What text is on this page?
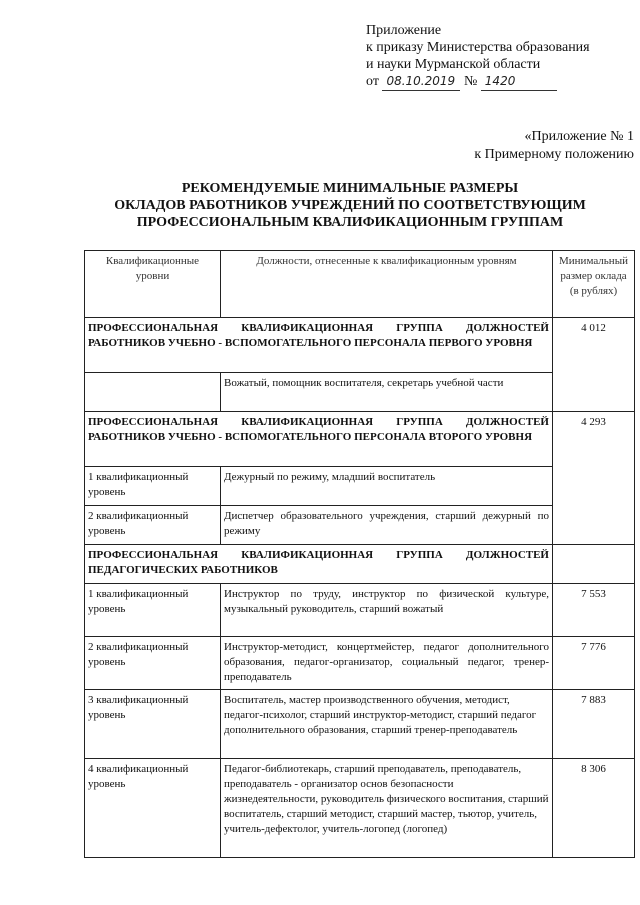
Приложение
к приказу Министерства образования
и науки Мурманской области
от 08.10.2019 № 1420
«Приложение № 1
к Примерному положению
РЕКОМЕНДУЕМЫЕ МИНИМАЛЬНЫЕ РАЗМЕРЫ
ОКЛАДОВ РАБОТНИКОВ УЧРЕЖДЕНИЙ ПО СООТВЕТСТВУЮЩИМ
ПРОФЕССИОНАЛЬНЫМ КВАЛИФИКАЦИОННЫМ ГРУППАМ
Квалификационные уровни	Должности, отнесенные к квалификационным уровням	Минимальный размер оклада (в рублях)
ПРОФЕССИОНАЛЬНАЯ КВАЛИФИКАЦИОННАЯ ГРУППА ДОЛЖНОСТЕЙ РАБОТНИКОВ УЧЕБНО - ВСПОМОГАТЕЛЬНОГО ПЕРСОНАЛА ПЕРВОГО УРОВНЯ		4 012
	Вожатый, помощник воспитателя, секретарь учебной части	
ПРОФЕССИОНАЛЬНАЯ КВАЛИФИКАЦИОННАЯ ГРУППА ДОЛЖНОСТЕЙ РАБОТНИКОВ УЧЕБНО - ВСПОМОГАТЕЛЬНОГО ПЕРСОНАЛА ВТОРОГО УРОВНЯ		4 293
1 квалификационный уровень	Дежурный по режиму, младший воспитатель	
2 квалификационный уровень	Диспетчер образовательного учреждения, старший дежурный по режиму	
ПРОФЕССИОНАЛЬНАЯ КВАЛИФИКАЦИОННАЯ ГРУППА ДОЛЖНОСТЕЙ ПЕДАГОГИЧЕСКИХ РАБОТНИКОВ		
1 квалификационный уровень	Инструктор по труду, инструктор по физической культуре, музыкальный руководитель, старший вожатый	7 553
2 квалификационный уровень	Инструктор-методист, концертмейстер, педагог дополнительного образования, педагог-организатор, социальный педагог, тренер-преподаватель	7 776
3 квалификационный уровень	Воспитатель, мастер производственного обучения, методист, педагог-психолог, старший инструктор-методист, старший педагог дополнительного образования, старший тренер-преподаватель	7 883
4 квалификационный уровень	Педагог-библиотекарь, старший преподаватель, преподаватель, преподаватель - организатор основ безопасности жизнедеятельности, руководитель физического воспитания, старший воспитатель, старший методист, старший мастер, тьютор, учитель, учитель-дефектолог, учитель-логопед (логопед)	8 306
